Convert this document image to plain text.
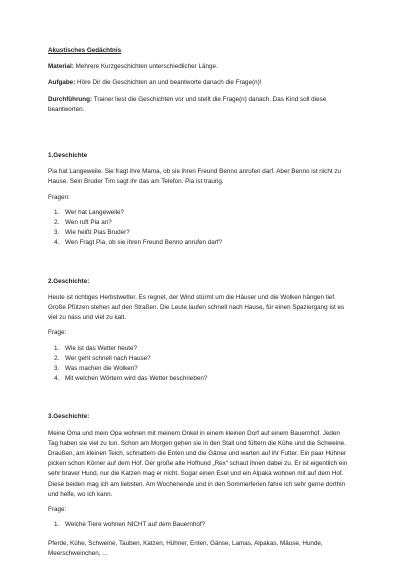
Akustisches Gedächtnis

Material: Mehrere Kurzgeschichten unterschiedlicher Länge.

Aufgabe: Höre Dir die Geschichten an und beantworte danach die Frage(n)!

Durchführung: Trainer liest die Geschichten vor und stellt die Frage(n) danach. Das Kind soll diese beantworten.

1.Geschichte

Pia hat Langeweile. Sie fragt ihre Mama, ob sie ihren Freund Benno anrufen darf. Aber Benno ist nicht zu Hause. Sein Bruder Tim sagt ihr das am Telefon. Pia ist traurig.

Fragen:

1. Wer hat Langeweile?
2. Wen ruft Pia an?
3. Wie heißt Pias Bruder?
4. Wen Fragt Pia, ob sie ihren Freund Benno anrufen darf?

2.Geschichte:

Heute ist richtiges Herbstwetter. Es regnet, der Wind stürmt um die Häuser und die Wolken hängen tief. Große Pfützen stehen auf den Straßen. Die Leute laufen schnell nach Hause, für einen Spaziergang ist es viel zu nass und viel zu kalt.

Frage:

1. Wie ist das Wetter heute?
2. Wer geht schnell nach Hause?
3. Was machen die Wolken?
4. Mit welchen Wörtern wird das Wetter beschrieben?

3.Geschichte:

Meine Oma und mein Opa wohnen mit meinem Onkel in einem kleinen Dorf auf einem Bauernhof. Jeden Tag haben sie viel zu tun. Schon am Morgen gehen sie in den Stall und füttern die Kühe und die Schweine. Draußen, am kleinen Teich, schnattern die Enten und die Gänse und warten auf ihr Futter. Ein paar Hühner picken schon Körner auf dem Hof. Der große alte Hofhund „Rex“ schaut ihnen dabei zu. Er ist eigentlich ein sehr braver Hund, nur die Katzen mag er nicht. Sogar einen Esel und ein Alpaka wohnen mit auf dem Hof. Diese beiden mag ich am liebsten. Am Wochenende und in den Sommerferien fahre ich sehr gerne dorthin und helfe, wo ich kann.

Frage:

1. Welche Tiere wohnen NICHT auf dem Bauernhof?

Pferde, Kühe, Schweine, Tauben, Katzen, Hühner, Enten, Gänse, Lamas, Alpakas, Mäuse, Hunde, Meerschweinchen, ...
